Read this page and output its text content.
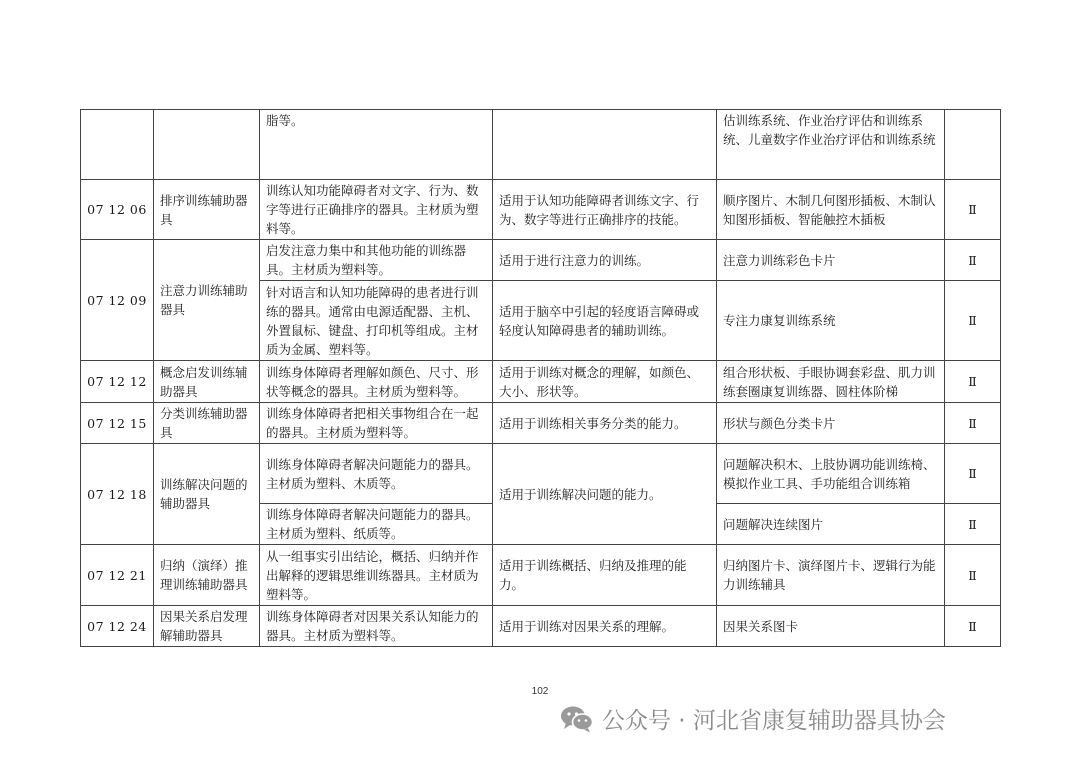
		脂等。		估训练系统、作业治疗评估和训练系统、儿童数字作业治疗评估和训练系统	
07 12 06	排序训练辅助器具	训练认知功能障碍者对文字、行为、数字等进行正确排序的器具。主材质为塑料等。	适用于认知功能障碍者训练文字、行为、数字等进行正确排序的技能。	顺序图片、木制几何图形插板、木制认知图形插板、智能触控木插板	Ⅱ
07 12 09	注意力训练辅助器具	启发注意力集中和其他功能的训练器具。主材质为塑料等。	适用于进行注意力的训练。	注意力训练彩色卡片	Ⅱ
		针对语言和认知功能障碍的患者进行训练的器具。通常由电源适配器、主机、外置鼠标、键盘、打印机等组成。主材质为金属、塑料等。	适用于脑卒中引起的轻度语言障碍或轻度认知障碍患者的辅助训练。	专注力康复训练系统	Ⅱ
07 12 12	概念启发训练辅助器具	训练身体障碍者理解如颜色、尺寸、形状等概念的器具。主材质为塑料等。	适用于训练对概念的理解，如颜色、大小、形状等。	组合形状板、手眼协调套彩盘、肌力训练套圈康复训练器、圆柱体阶梯	Ⅱ
07 12 15	分类训练辅助器具	训练身体障碍者把相关事物组合在一起的器具。主材质为塑料等。	适用于训练相关事务分类的能力。	形状与颜色分类卡片	Ⅱ
07 12 18	训练解决问题的辅助器具	训练身体障碍者解决问题能力的器具。主材质为塑料、木质等。	适用于训练解决问题的能力。	问题解决积木、上肢协调功能训练椅、模拟作业工具、手功能组合训练箱	Ⅱ
		训练身体障碍者解决问题能力的器具。主材质为塑料、纸质等。		问题解决连续图片	Ⅱ
07 12 21	归纳（演绎）推理训练辅助器具	从一组事实引出结论，概括、归纳并作出解释的逻辑思维训练器具。主材质为塑料等。	适用于训练概括、归纳及推理的能力。	归纳图片卡、演绎图片卡、逻辑行为能力训练辅具	Ⅱ
07 12 24	因果关系启发理解辅助器具	训练身体障碍者对因果关系认知能力的器具。主材质为塑料等。	适用于训练对因果关系的理解。	因果关系图卡	Ⅱ
102
公众号 · 河北省康复辅助器具协会
